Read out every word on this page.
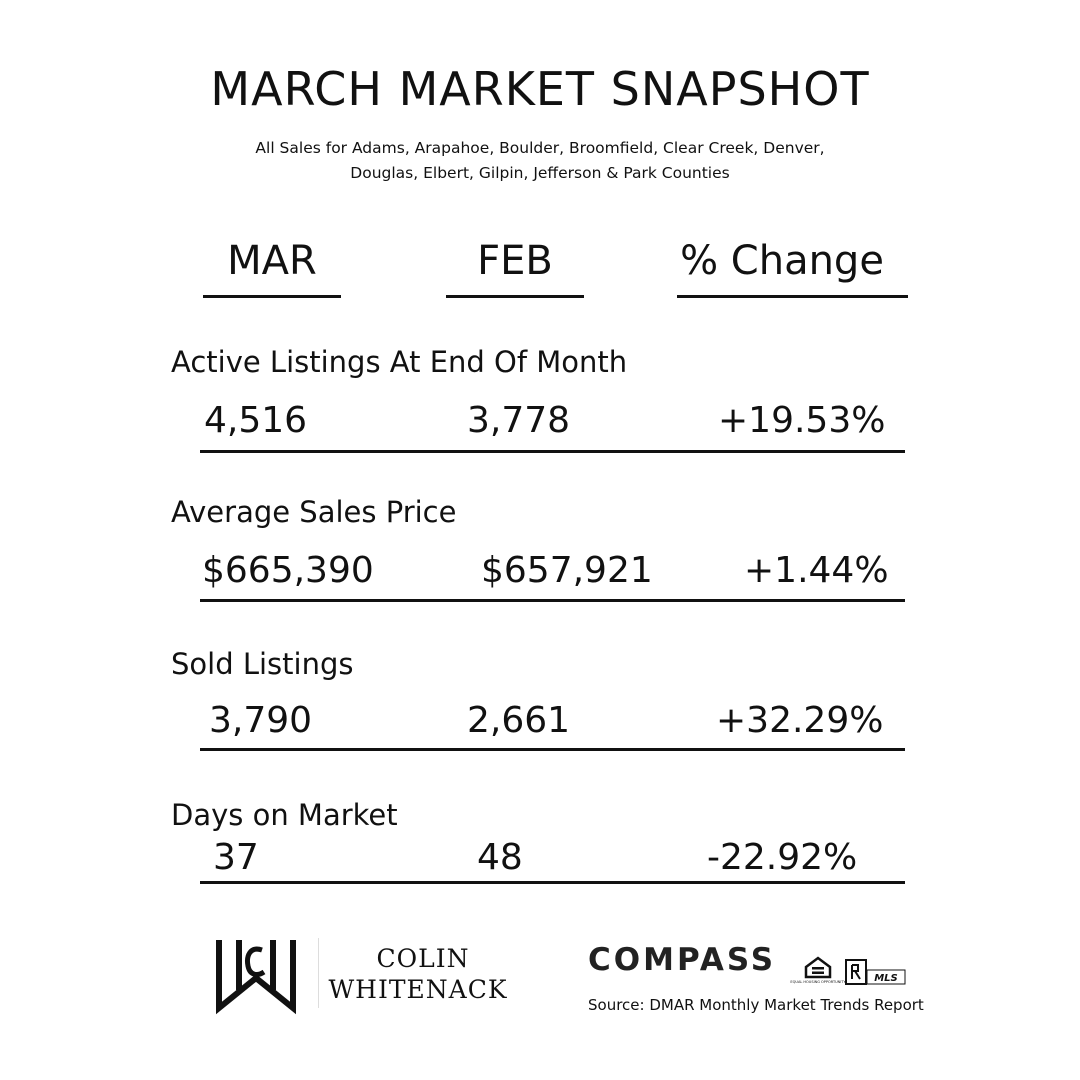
MARCH MARKET SNAPSHOT
All Sales for Adams, Arapahoe, Boulder, Broomfield, Clear Creek, Denver,
Douglas, Elbert, Gilpin, Jefferson & Park Counties
MAR	FEB	% Change
Active Listings At End Of Month
4,516	3,778	+19.53%
Average Sales Price
$665,390	$657,921	+1.44%
Sold Listings
3,790	2,661	+32.29%
Days on Market
37	48	-22.92%
COLIN
WHITENACK
COMPASS
EQUAL HOUSING OPPORTUNITY	MLS
Source: DMAR Monthly Market Trends Report
